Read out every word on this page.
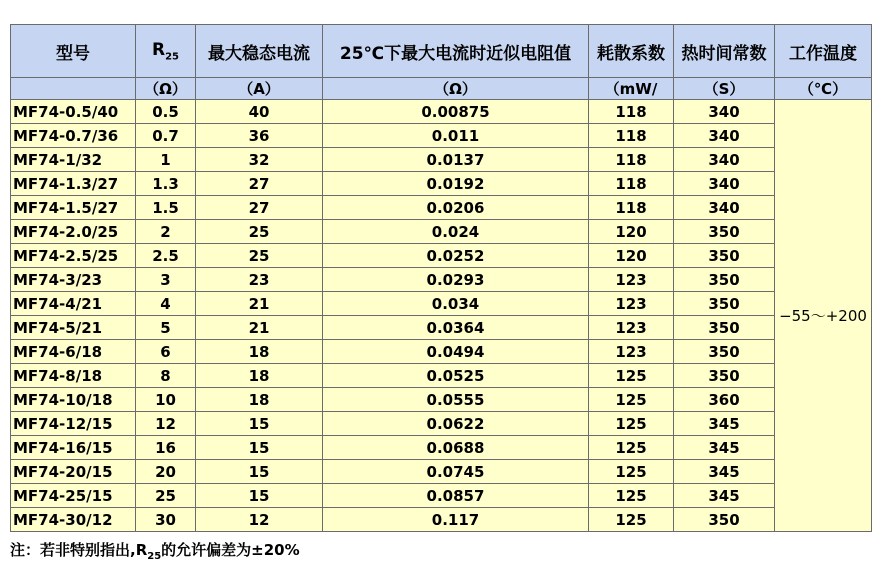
型号	$R_{25}$	最大稳态电流	25℃下最大电流时近似电阻值	耗散系数	热时间常数	工作温度
	（Ω）	（A）	（Ω）	（mW/	（S）	（℃）
MF74-0.5/40	0.5	40	0.00875	118	340	−55～+200
MF74-0.7/36	0.7	36	0.011	118	340	
MF74-1/32	1	32	0.0137	118	340	
MF74-1.3/27	1.3	27	0.0192	118	340	
MF74-1.5/27	1.5	27	0.0206	118	340	
MF74-2.0/25	2	25	0.024	120	350	
MF74-2.5/25	2.5	25	0.0252	120	350	
MF74-3/23	3	23	0.0293	123	350	
MF74-4/21	4	21	0.034	123	350	
MF74-5/21	5	21	0.0364	123	350	
MF74-6/18	6	18	0.0494	123	350	
MF74-8/18	8	18	0.0525	125	350	
MF74-10/18	10	18	0.0555	125	360	
MF74-12/15	12	15	0.0622	125	345	
MF74-16/15	16	15	0.0688	125	345	
MF74-20/15	20	15	0.0745	125	345	
MF74-25/15	25	15	0.0857	125	345	
MF74-30/12	30	12	0.117	125	350	
注：若非特别指出$,R_{25}$的允许偏差为±20%
